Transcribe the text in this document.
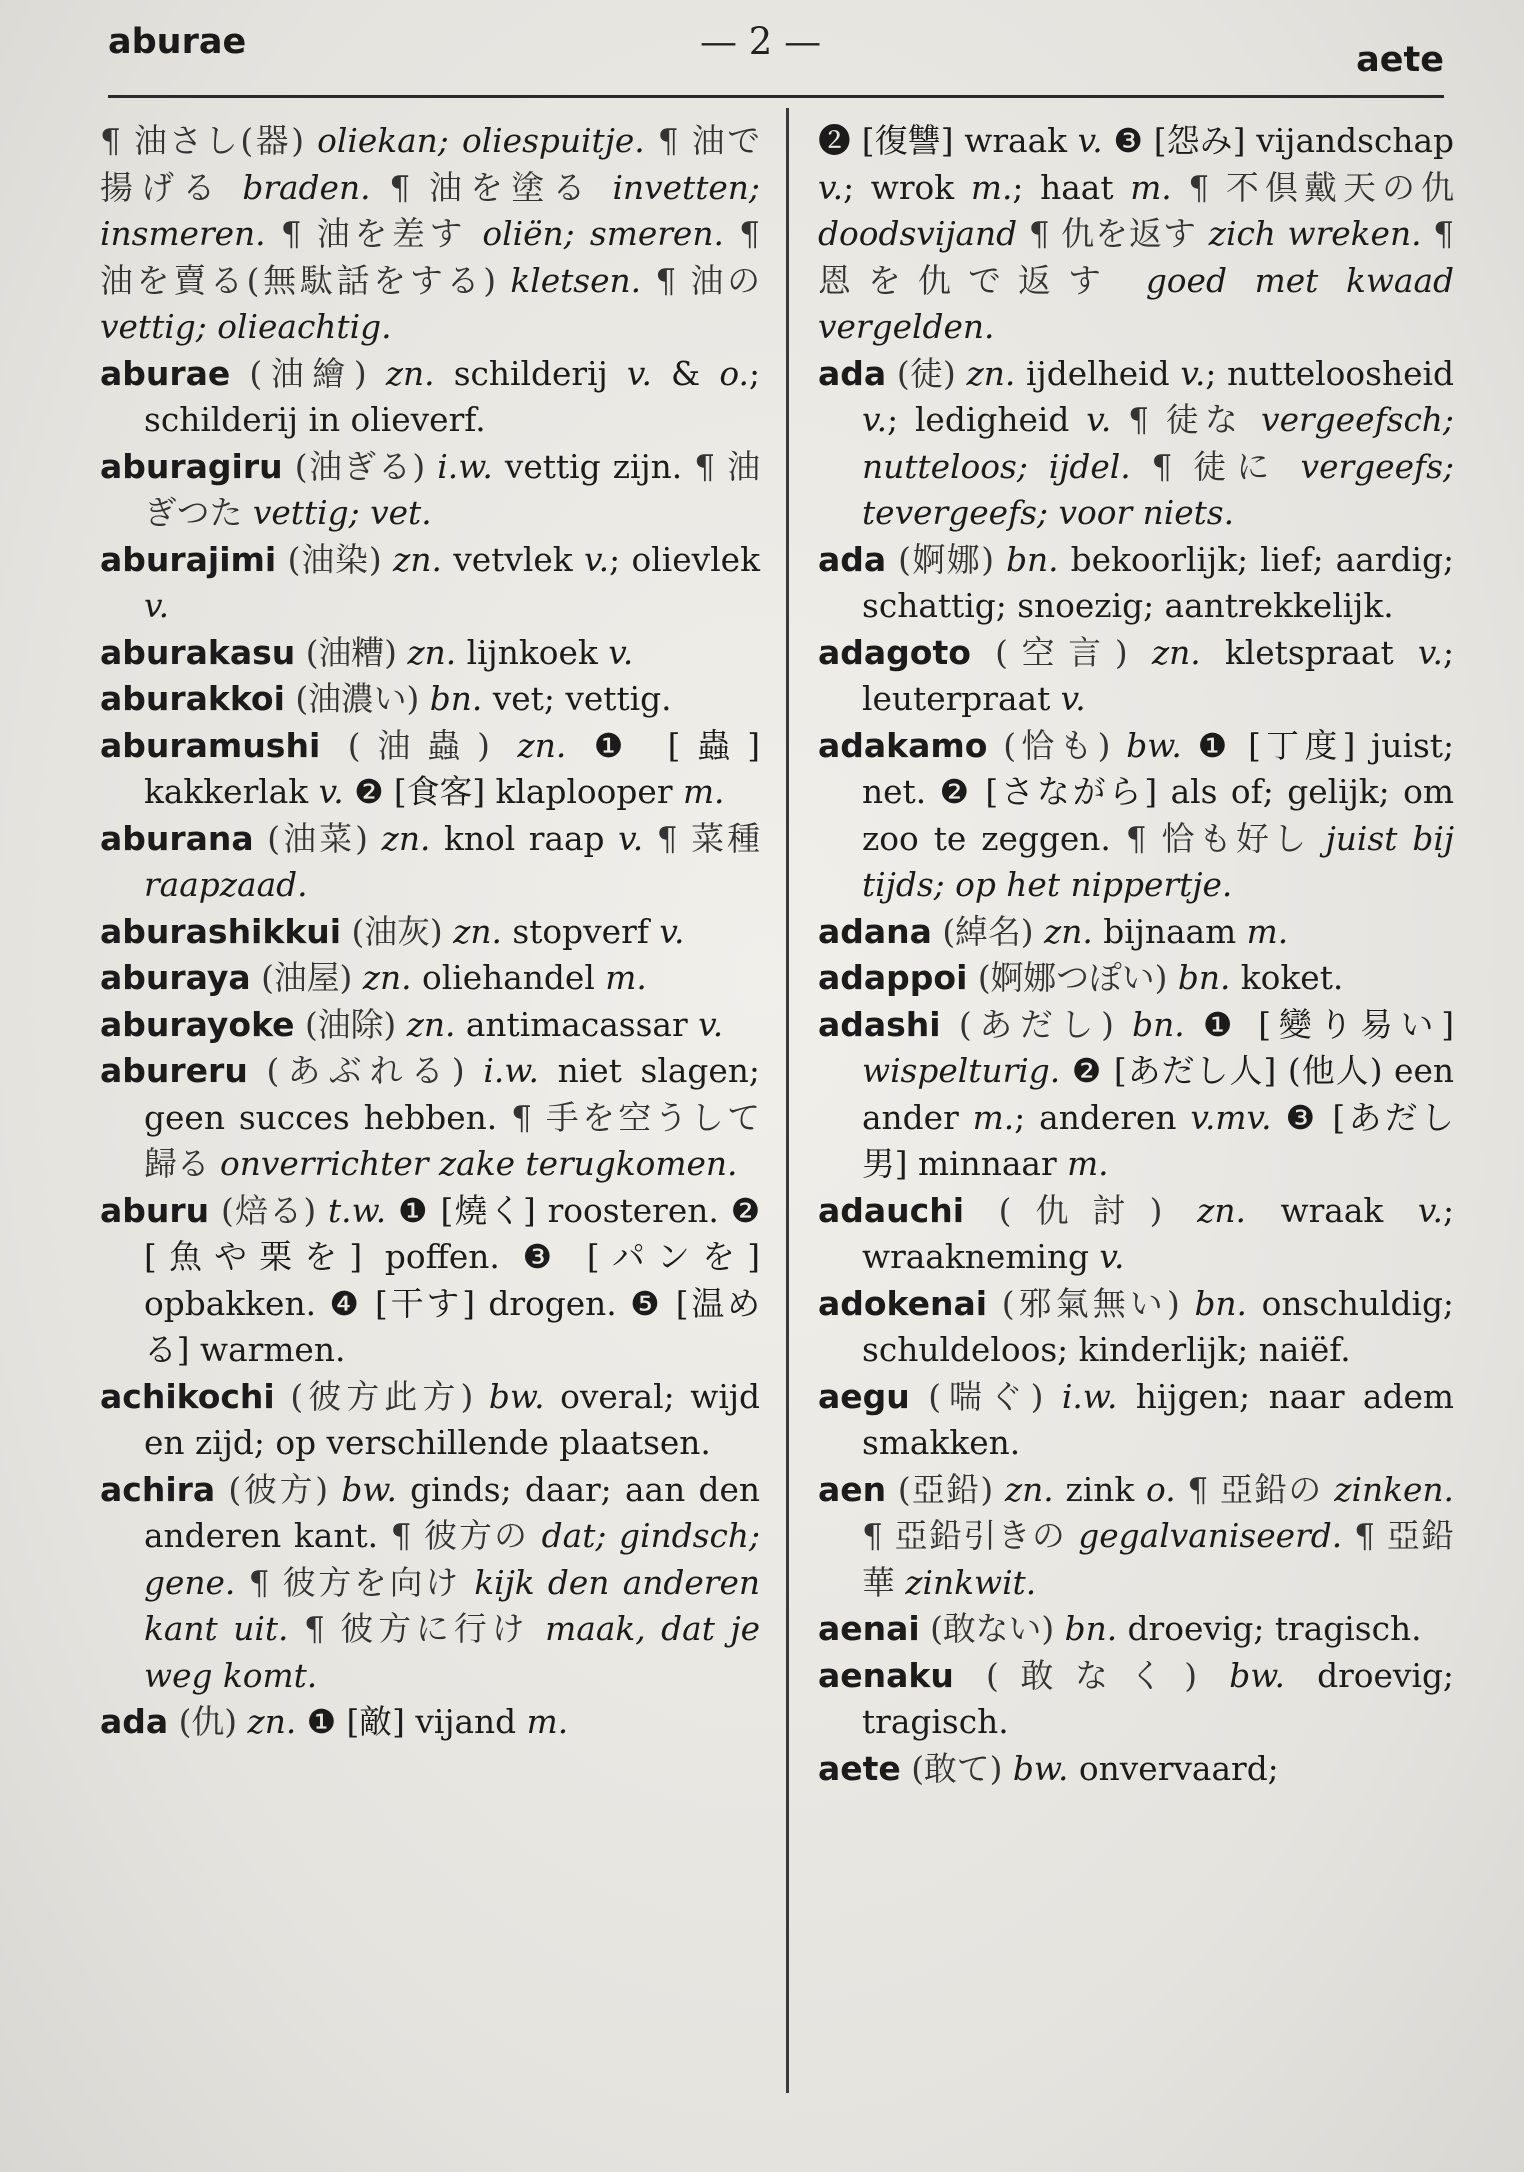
aburae	— 2 —	aete
¶ 油さし(器) oliekan; oliespuitje. ¶ 油で揚げる braden. ¶ 油を塗る invetten; insmeren. ¶ 油を差す oliën; smeren. ¶ 油を賣る(無駄話をする) kletsen. ¶ 油の vettig; olieachtig.
aburae (油繪) zn. schilderij v. & o.; schilderij in olieverf.
aburagiru (油ぎる) i.w. vettig zijn. ¶ 油ぎつた vettig; vet.
aburajimi (油染) zn. vetvlek v.; olievlek v.
aburakasu (油糟) zn. lijnkoek v.
aburakkoi (油濃い) bn. vet; vettig.
aburamushi (油蟲) zn. ❶ [蟲] kakkerlak v. ❷ [食客] klaplooper m.
aburana (油菜) zn. knol raap v. ¶ 菜種 raapzaad.
aburashikkui (油灰) zn. stopverf v.
aburaya (油屋) zn. oliehandel m.
aburayoke (油除) zn. antimacassar v.
abureru (あぶれる) i.w. niet slagen; geen succes hebben. ¶ 手を空うして歸る onverrichter zake terugkomen.
aburu (焙る) t.w. ❶ [燒く] roosteren. ❷ [魚や栗を] poffen. ❸ [パンを] opbakken. ❹ [干す] drogen. ❺ [温める] warmen.
achikochi (彼方此方) bw. overal; wijd en zijd; op verschillende plaatsen.
achira (彼方) bw. ginds; daar; aan den anderen kant. ¶ 彼方の dat; gindsch; gene. ¶ 彼方を向け kijk den anderen kant uit. ¶ 彼方に行け maak, dat je weg komt.
ada (仇) zn. ❶ [敵] vijand m.
❷ [復讐] wraak v. ❸ [怨み] vijandschap v.; wrok m.; haat m. ¶ 不倶戴天の仇 doodsvijand ¶ 仇を返す zich wreken. ¶ 恩を仇で返す goed met kwaad vergelden.
ada (徒) zn. ijdelheid v.; nutteloosheid v.; ledigheid v. ¶ 徒な vergeefsch; nutteloos; ijdel. ¶ 徒に vergeefs; tevergeefs; voor niets.
ada (婀娜) bn. bekoorlijk; lief; aardig; schattig; snoezig; aantrekkelijk.
adagoto (空言) zn. kletspraat v.; leuterpraat v.
adakamo (恰も) bw. ❶ [丁度] juist; net. ❷ [さながら] als of; gelijk; om zoo te zeggen. ¶ 恰も好し juist bij tijds; op het nippertje.
adana (綽名) zn. bijnaam m.
adappoi (婀娜つぽい) bn. koket.
adashi (あだし) bn. ❶ [變り易い] wispelturig. ❷ [あだし人] (他人) een ander m.; anderen v.mv. ❸ [あだし男] minnaar m.
adauchi (仇討) zn. wraak v.; wraakneming v.
adokenai (邪氣無い) bn. onschuldig; schuldeloos; kinderlijk; naiëf.
aegu (喘ぐ) i.w. hijgen; naar adem smakken.
aen (亞鉛) zn. zink o. ¶ 亞鉛の zinken. ¶ 亞鉛引きの gegalvaniseerd. ¶ 亞鉛華 zinkwit.
aenai (敢ない) bn. droevig; tragisch.
aenaku (敢なく) bw. droevig; tragisch.
aete (敢て) bw. onvervaard;
